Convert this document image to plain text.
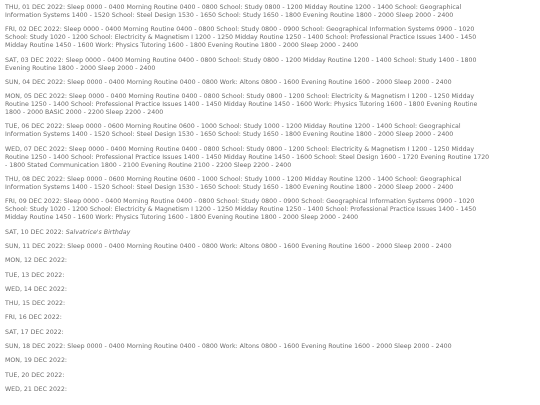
THU, 01 DEC 2022: Sleep 0000 - 0400 Morning Routine 0400 - 0800 School: Study 0800 - 1200 Midday Routine 1200 - 1400 School: Geographical
Information Systems 1400 - 1520 School: Steel Design 1530 - 1650 School: Study 1650 - 1800 Evening Routine 1800 - 2000 Sleep 2000 - 2400
FRI, 02 DEC 2022: Sleep 0000 - 0400 Morning Routine 0400 - 0800 School: Study 0800 - 0900 School: Geographical Information Systems 0900 - 1020
School: Study 1020 - 1200 School: Electricity & Magnetism I 1200 - 1250 Midday Routine 1250 - 1400 School: Professional Practice Issues 1400 - 1450
Midday Routine 1450 - 1600 Work: Physics Tutoring 1600 - 1800 Evening Routine 1800 - 2000 Sleep 2000 - 2400
SAT, 03 DEC 2022: Sleep 0000 - 0400 Morning Routine 0400 - 0800 School: Study 0800 - 1200 Midday Routine 1200 - 1400 School: Study 1400 - 1800
Evening Routine 1800 - 2000 Sleep 2000 - 2400
SUN, 04 DEC 2022: Sleep 0000 - 0400 Morning Routine 0400 - 0800 Work: Altons 0800 - 1600 Evening Routine 1600 - 2000 Sleep 2000 - 2400
MON, 05 DEC 2022: Sleep 0000 - 0400 Morning Routine 0400 - 0800 School: Study 0800 - 1200 School: Electricity & Magnetism I 1200 - 1250 Midday
Routine 1250 - 1400 School: Professional Practice Issues 1400 - 1450 Midday Routine 1450 - 1600 Work: Physics Tutoring 1600 - 1800 Evening Routine
1800 - 2000 BASIC 2000 - 2200 Sleep 2200 - 2400
TUE, 06 DEC 2022: Sleep 0000 - 0600 Morning Routine 0600 - 1000 School: Study 1000 - 1200 Midday Routine 1200 - 1400 School: Geographical
Information Systems 1400 - 1520 School: Steel Design 1530 - 1650 School: Study 1650 - 1800 Evening Routine 1800 - 2000 Sleep 2000 - 2400
WED, 07 DEC 2022: Sleep 0000 - 0400 Morning Routine 0400 - 0800 School: Study 0800 - 1200 School: Electricity & Magnetism I 1200 - 1250 Midday
Routine 1250 - 1400 School: Professional Practice Issues 1400 - 1450 Midday Routine 1450 - 1600 School: Steel Design 1600 - 1720 Evening Routine 1720
- 1800 Stated Communication 1800 - 2100 Evening Routine 2100 - 2200 Sleep 2200 - 2400
THU, 08 DEC 2022: Sleep 0000 - 0600 Morning Routine 0600 - 1000 School: Study 1000 - 1200 Midday Routine 1200 - 1400 School: Geographical
Information Systems 1400 - 1520 School: Steel Design 1530 - 1650 School: Study 1650 - 1800 Evening Routine 1800 - 2000 Sleep 2000 - 2400
FRI, 09 DEC 2022: Sleep 0000 - 0400 Morning Routine 0400 - 0800 School: Study 0800 - 0900 School: Geographical Information Systems 0900 - 1020
School: Study 1020 - 1200 School: Electricity & Magnetism I 1200 - 1250 Midday Routine 1250 - 1400 School: Professional Practice Issues 1400 - 1450
Midday Routine 1450 - 1600 Work: Physics Tutoring 1600 - 1800 Evening Routine 1800 - 2000 Sleep 2000 - 2400
SAT, 10 DEC 2022: Salvatrice's Birthday
SUN, 11 DEC 2022: Sleep 0000 - 0400 Morning Routine 0400 - 0800 Work: Altons 0800 - 1600 Evening Routine 1600 - 2000 Sleep 2000 - 2400
MON, 12 DEC 2022:
TUE, 13 DEC 2022:
WED, 14 DEC 2022:
THU, 15 DEC 2022:
FRI, 16 DEC 2022:
SAT, 17 DEC 2022:
SUN, 18 DEC 2022: Sleep 0000 - 0400 Morning Routine 0400 - 0800 Work: Altons 0800 - 1600 Evening Routine 1600 - 2000 Sleep 2000 - 2400
MON, 19 DEC 2022:
TUE, 20 DEC 2022:
WED, 21 DEC 2022:
